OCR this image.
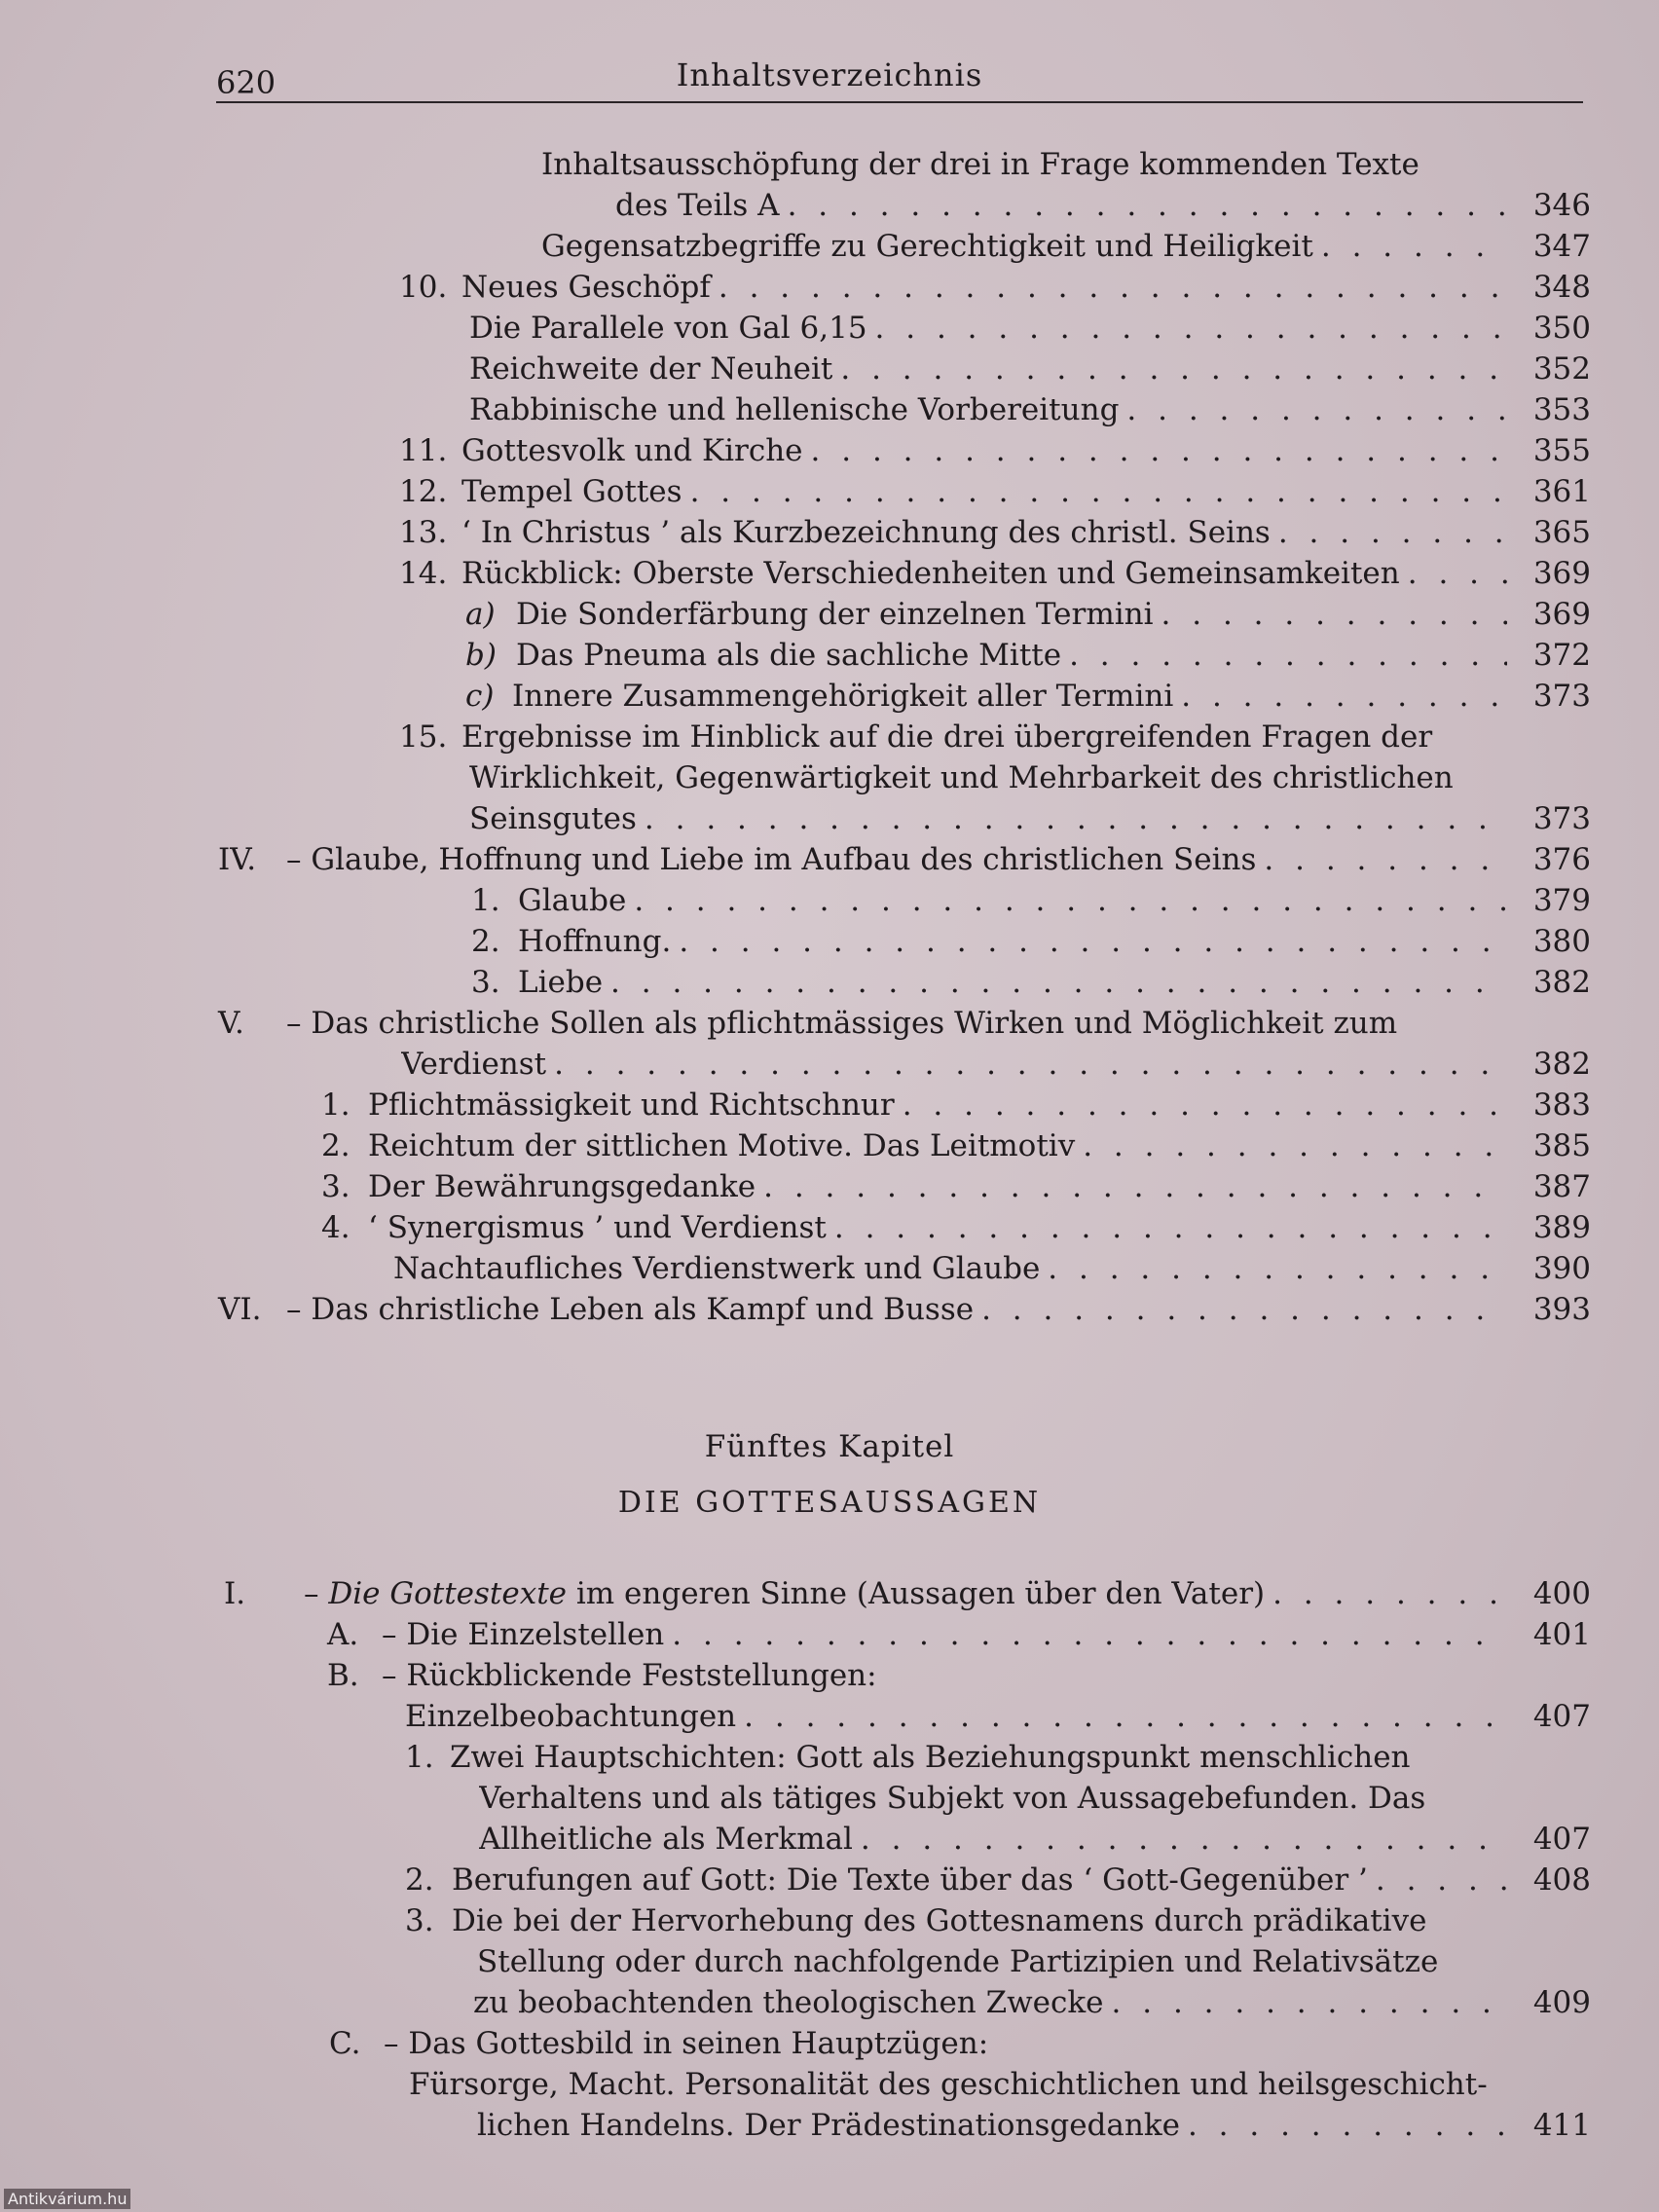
620	Inhaltsverzeichnis
Inhaltsausschöpfung der drei in Frage kommenden Texte
des Teils A . . .	346
Gegensatzbegriffe zu Gerechtigkeit und Heiligkeit . . .	347
10. Neues Geschöpf . . .	348
Die Parallele von Gal 6,15 . . .	350
Reichweite der Neuheit . . .	352
Rabbinische und hellenische Vorbereitung . . .	353
11. Gottesvolk und Kirche . . .	355
12. Tempel Gottes . . .	361
13. ‘ In Christus ’ als Kurzbezeichnung des christl. Seins . . .	365
14. Rückblick: Oberste Verschiedenheiten und Gemeinsamkeiten . . .	369
a) Die Sonderfärbung der einzelnen Termini . . .	369
b) Das Pneuma als die sachliche Mitte . . .	372
c) Innere Zusammengehörigkeit aller Termini . . .	373
15. Ergebnisse im Hinblick auf die drei übergreifenden Fragen der
Wirklichkeit, Gegenwärtigkeit und Mehrbarkeit des christlichen
Seinsgutes . . .	373
IV. – Glaube, Hoffnung und Liebe im Aufbau des christlichen Seins . . .	376
1. Glaube . . .	379
2. Hoffnung. . . .	380
3. Liebe . . .	382
V. – Das christliche Sollen als pflichtmässiges Wirken und Möglichkeit zum
Verdienst . . .	382
1. Pflichtmässigkeit und Richtschnur . . .	383
2. Reichtum der sittlichen Motive. Das Leitmotiv . . .	385
3. Der Bewährungsgedanke . . .	387
4. ‘ Synergismus ’ und Verdienst . . .	389
Nachtaufliches Verdienstwerk und Glaube . . .	390
VI. – Das christliche Leben als Kampf und Busse . . .	393
Fünftes Kapitel
DIE GOTTESAUSSAGEN
I. – Die Gottestexte im engeren Sinne (Aussagen über den Vater) . . .	400
A. – Die Einzelstellen . . .	401
B. – Rückblickende Feststellungen:
Einzelbeobachtungen . . .	407
1. Zwei Hauptschichten: Gott als Beziehungspunkt menschlichen
Verhaltens und als tätiges Subjekt von Aussagebefunden. Das
Allheitliche als Merkmal . . .	407
2. Berufungen auf Gott: Die Texte über das ‘ Gott-Gegenüber ’ . . .	408
3. Die bei der Hervorhebung des Gottesnamens durch prädikative
Stellung oder durch nachfolgende Partizipien und Relativsätze
zu beobachtenden theologischen Zwecke . . .	409
C. – Das Gottesbild in seinen Hauptzügen:
Fürsorge, Macht. Personalität des geschichtlichen und heilsgeschicht-
lichen Handelns. Der Prädestinationsgedanke . . .	411
Antikvárium.hu
